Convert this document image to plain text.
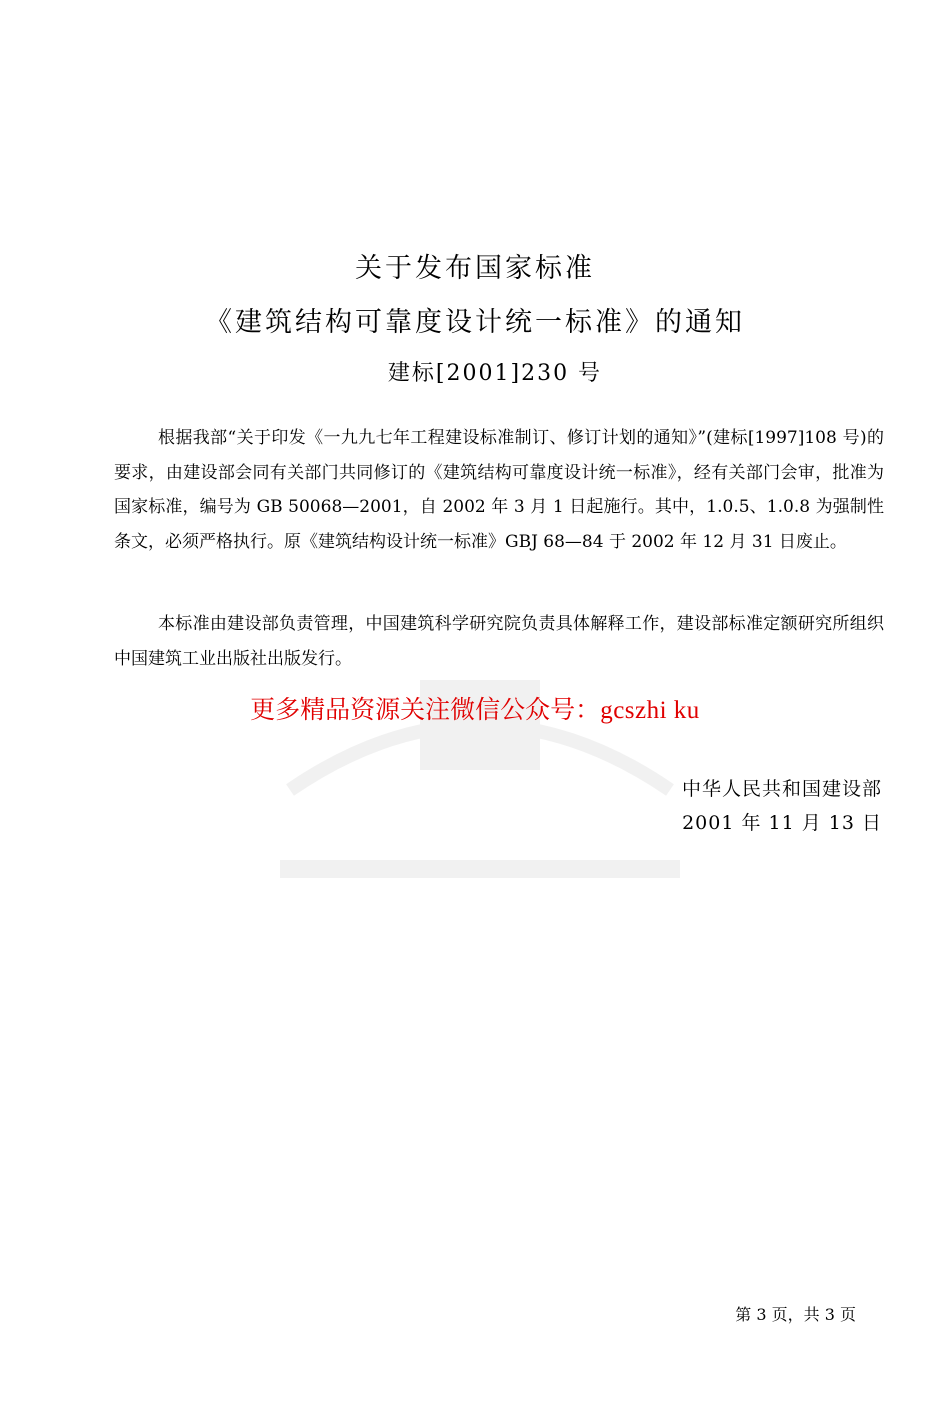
关于发布国家标准
《建筑结构可靠度设计统一标准》的通知
建标[2001]230 号

根据我部“关于印发《一九九七年工程建设标准制订、修订计划的通知》”(建标[1997]108 号)的要求，由建设部会同有关部门共同修订的《建筑结构可靠度设计统一标准》，经有关部门会审，批准为国家标准，编号为 GB 50068—2001，自 2002 年 3 月 1 日起施行。其中，1.0.5、1.0.8 为强制性条文，必须严格执行。原《建筑结构设计统一标准》GBJ 68—84 于 2002 年 12 月 31 日废止。

本标准由建设部负责管理，中国建筑科学研究院负责具体解释工作，建设部标准定额研究所组织中国建筑工业出版社出版发行。

更多精品资源关注微信公众号：gcszhi ku
中华人民共和国建设部
2001 年 11 月 13 日
第 3 页，共 3 页
